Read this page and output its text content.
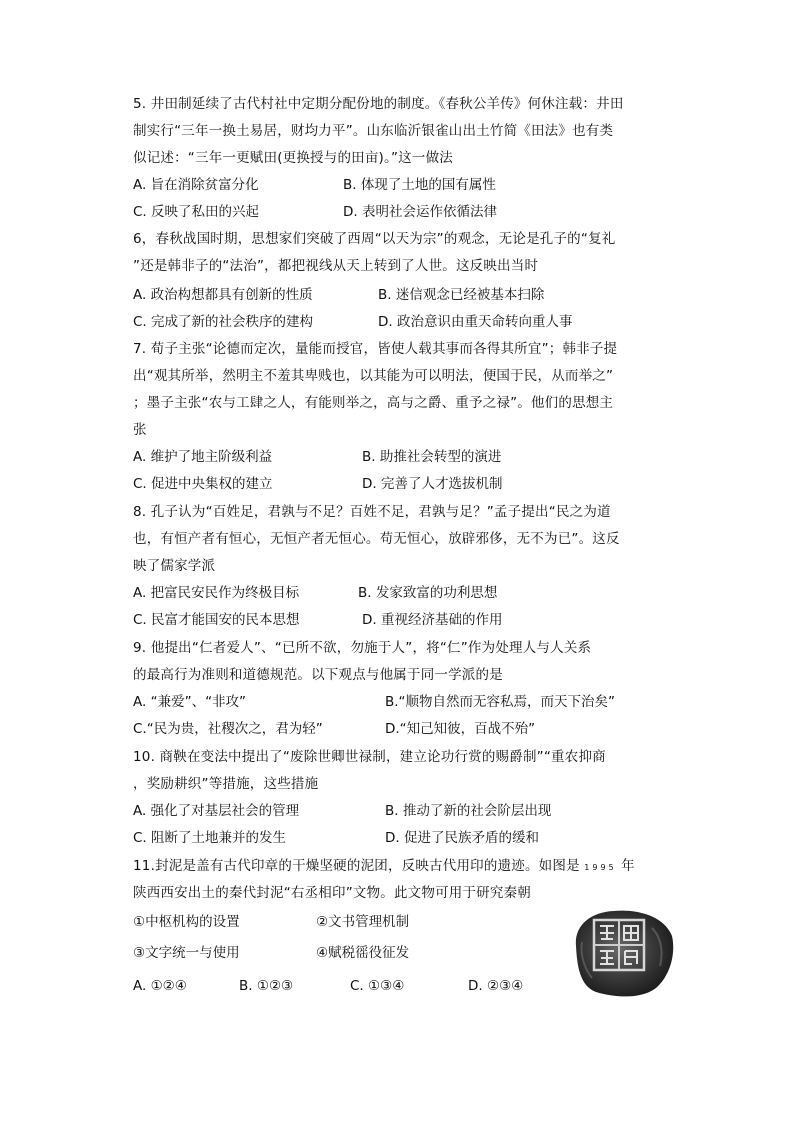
5. 井田制延续了古代村社中定期分配份地的制度。《春秋公羊传》何休注载：井田
制实行“三年一换土易居，财均力平”。山东临沂银雀山出土竹简《田法》也有类
似记述：“三年一更赋田(更换授与的田亩)。”这一做法
A. 旨在消除贫富分化	B. 体现了土地的国有属性
C. 反映了私田的兴起	D. 表明社会运作依循法律
6，春秋战国时期，思想家们突破了西周“以天为宗”的观念，无论是孔子的“复礼
”还是韩非子的“法治”，都把视线从天上转到了人世。这反映出当时
A. 政治构想都具有创新的性质	B. 迷信观念已经被基本扫除
C. 完成了新的社会秩序的建构	D. 政治意识由重天命转向重人事
7. 荀子主张“论德而定次，量能而授官，皆使人载其事而各得其所宜”；韩非子提
出“观其所举，然明主不羞其卑贱也，以其能为可以明法，便国于民，从而举之”
；墨子主张“农与工肆之人，有能则举之，高与之爵、重予之禄”。他们的思想主
张
A. 维护了地主阶级利益	B. 助推社会转型的演进
C. 促进中央集权的建立	D. 完善了人才选拔机制
8. 孔子认为“百姓足，君孰与不足？百姓不足，君孰与足？”孟子提出“民之为道
也，有恒产者有恒心，无恒产者无恒心。苟无恒心，放辟邪侈，无不为已”。这反
映了儒家学派
A. 把富民安民作为终极目标	B. 发家致富的功利思想
C. 民富才能国安的民本思想	D. 重视经济基础的作用
9. 他提出“仁者爱人”、“已所不欲，勿施于人”，将“仁”作为处理人与人关系
的最高行为准则和道德规范。以下观点与他属于同一学派的是
A. “兼爱”、“非攻”	B.“顺物自然而无容私焉，而天下治矣”
C.“民为贵，社稷次之，君为轻”	D.“知己知彼，百战不殆”
10. 商鞅在变法中提出了“废除世卿世禄制，建立论功行赏的赐爵制”“重农抑商
，奖励耕织”等措施，这些措施
A. 强化了对基层社会的管理	B. 推动了新的社会阶层出现
C. 阻断了土地兼并的发生	D. 促进了民族矛盾的缓和
11.封泥是盖有古代印章的干燥坚硬的泥团，反映古代用印的遗迹。如图是 1995 年
陕西西安出土的秦代封泥“右丞相印”文物。此文物可用于研究秦朝
①中枢机构的设置	②文书管理机制
③文字统一与使用	④赋税徭役征发
A. ①②④	B. ①②③	C. ①③④	D. ②③④
